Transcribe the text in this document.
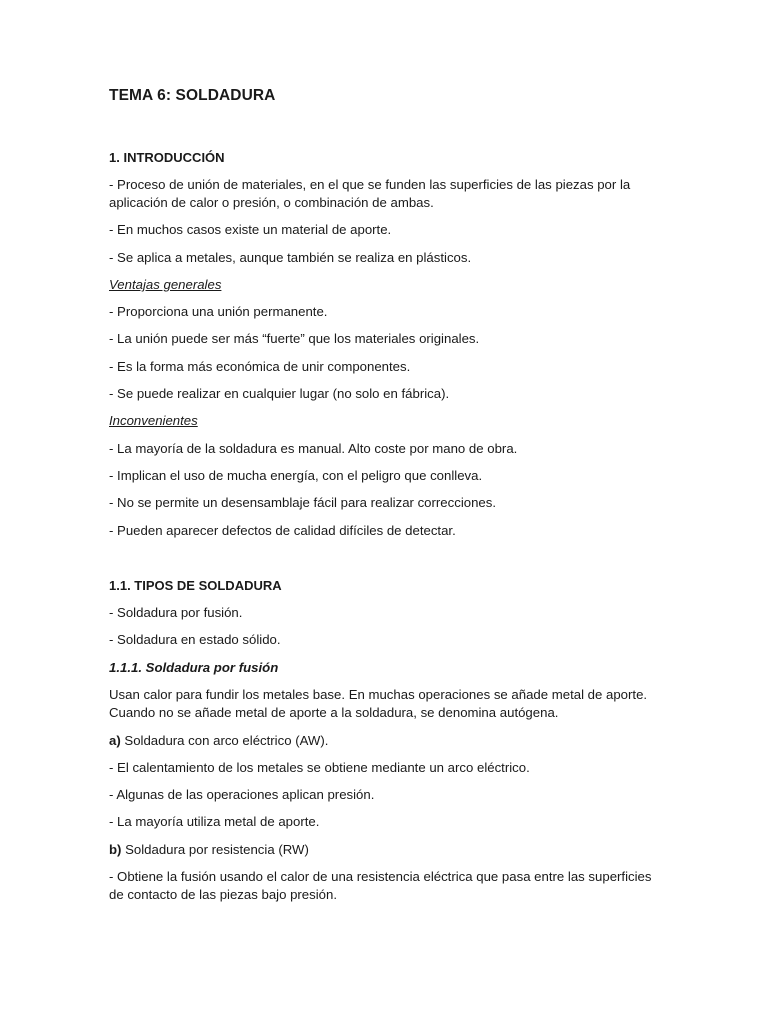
TEMA 6: SOLDADURA

1. INTRODUCCIÓN

- Proceso de unión de materiales, en el que se funden las superficies de las piezas por la aplicación de calor o presión, o combinación de ambas.

- En muchos casos existe un material de aporte.

- Se aplica a metales, aunque también se realiza en plásticos.

Ventajas generales

- Proporciona una unión permanente.

- La unión puede ser más “fuerte” que los materiales originales.

- Es la forma más económica de unir componentes.

- Se puede realizar en cualquier lugar (no solo en fábrica).

Inconvenientes

- La mayoría de la soldadura es manual. Alto coste por mano de obra.

- Implican el uso de mucha energía, con el peligro que conlleva.

- No se permite un desensamblaje fácil para realizar correcciones.

- Pueden aparecer defectos de calidad difíciles de detectar.

1.1. TIPOS DE SOLDADURA

- Soldadura por fusión.

- Soldadura en estado sólido.

1.1.1. Soldadura por fusión

Usan calor para fundir los metales base. En muchas operaciones se añade metal de aporte. Cuando no se añade metal de aporte a la soldadura, se denomina autógena.

a) Soldadura con arco eléctrico (AW).

- El calentamiento de los metales se obtiene mediante un arco eléctrico.

- Algunas de las operaciones aplican presión.

- La mayoría utiliza metal de aporte.

b) Soldadura por resistencia (RW)

- Obtiene la fusión usando el calor de una resistencia eléctrica que pasa entre las superficies de contacto de las piezas bajo presión.
